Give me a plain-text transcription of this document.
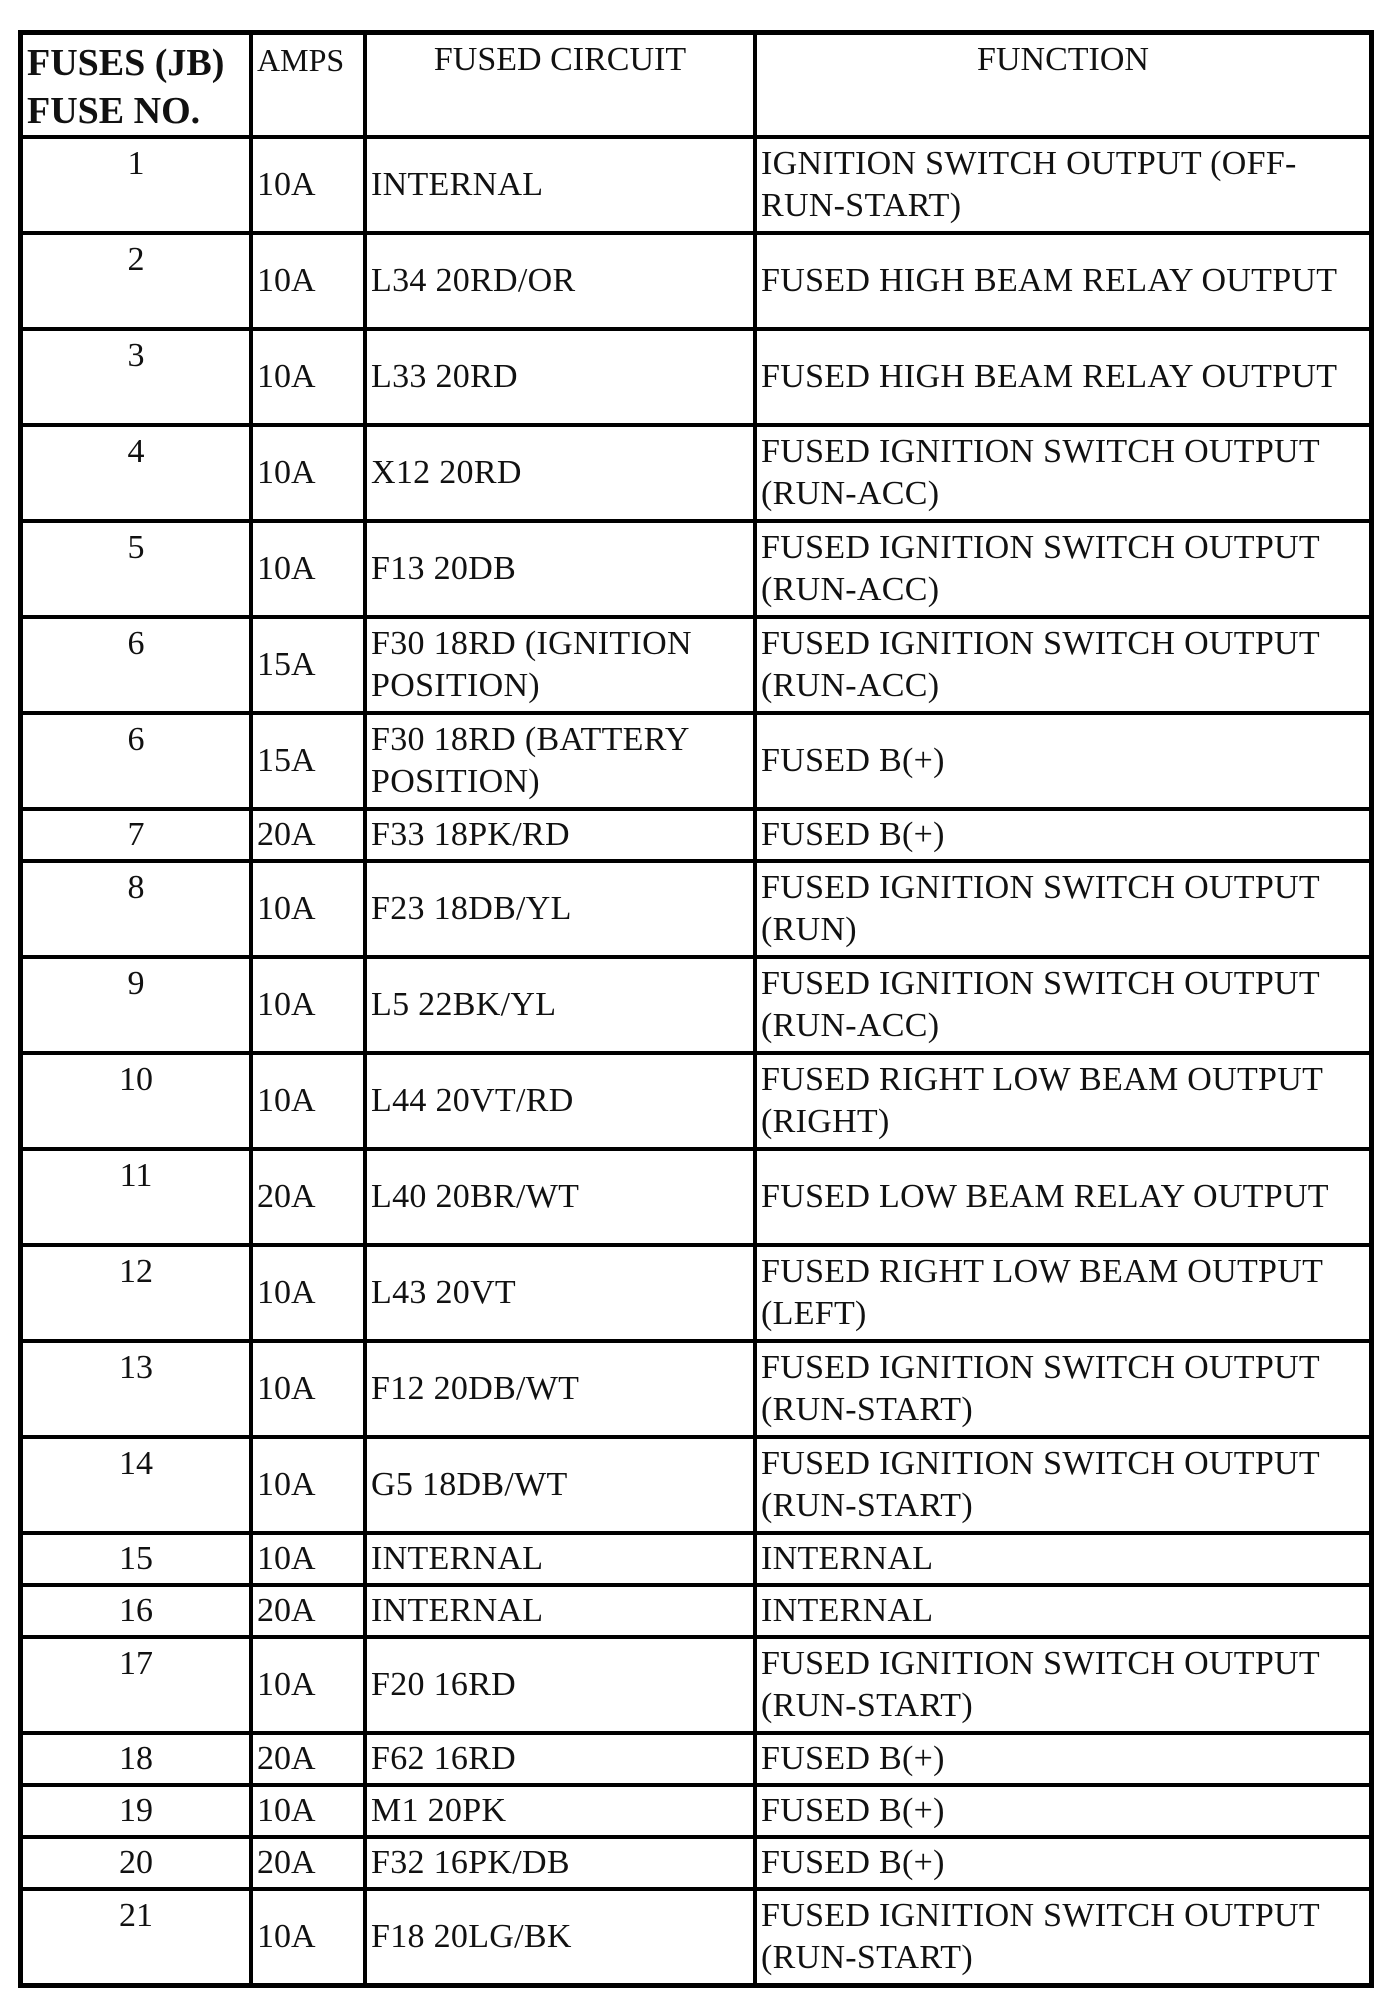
FUSES (JB) FUSE NO.	AMPS	FUSED CIRCUIT	FUNCTION
1	10A	INTERNAL	IGNITION SWITCH OUTPUT (OFF-RUN-START)
2	10A	L34 20RD/OR	FUSED HIGH BEAM RELAY OUTPUT
3	10A	L33 20RD	FUSED HIGH BEAM RELAY OUTPUT
4	10A	X12 20RD	FUSED IGNITION SWITCH OUTPUT (RUN-ACC)
5	10A	F13 20DB	FUSED IGNITION SWITCH OUTPUT (RUN-ACC)
6	15A	F30 18RD (IGNITION POSITION)	FUSED IGNITION SWITCH OUTPUT (RUN-ACC)
6	15A	F30 18RD (BATTERY POSITION)	FUSED B(+)
7	20A	F33 18PK/RD	FUSED B(+)
8	10A	F23 18DB/YL	FUSED IGNITION SWITCH OUTPUT (RUN)
9	10A	L5 22BK/YL	FUSED IGNITION SWITCH OUTPUT (RUN-ACC)
10	10A	L44 20VT/RD	FUSED RIGHT LOW BEAM OUTPUT (RIGHT)
11	20A	L40 20BR/WT	FUSED LOW BEAM RELAY OUTPUT
12	10A	L43 20VT	FUSED RIGHT LOW BEAM OUTPUT (LEFT)
13	10A	F12 20DB/WT	FUSED IGNITION SWITCH OUTPUT (RUN-START)
14	10A	G5 18DB/WT	FUSED IGNITION SWITCH OUTPUT (RUN-START)
15	10A	INTERNAL	INTERNAL
16	20A	INTERNAL	INTERNAL
17	10A	F20 16RD	FUSED IGNITION SWITCH OUTPUT (RUN-START)
18	20A	F62 16RD	FUSED B(+)
19	10A	M1 20PK	FUSED B(+)
20	20A	F32 16PK/DB	FUSED B(+)
21	10A	F18 20LG/BK	FUSED IGNITION SWITCH OUTPUT (RUN-START)
